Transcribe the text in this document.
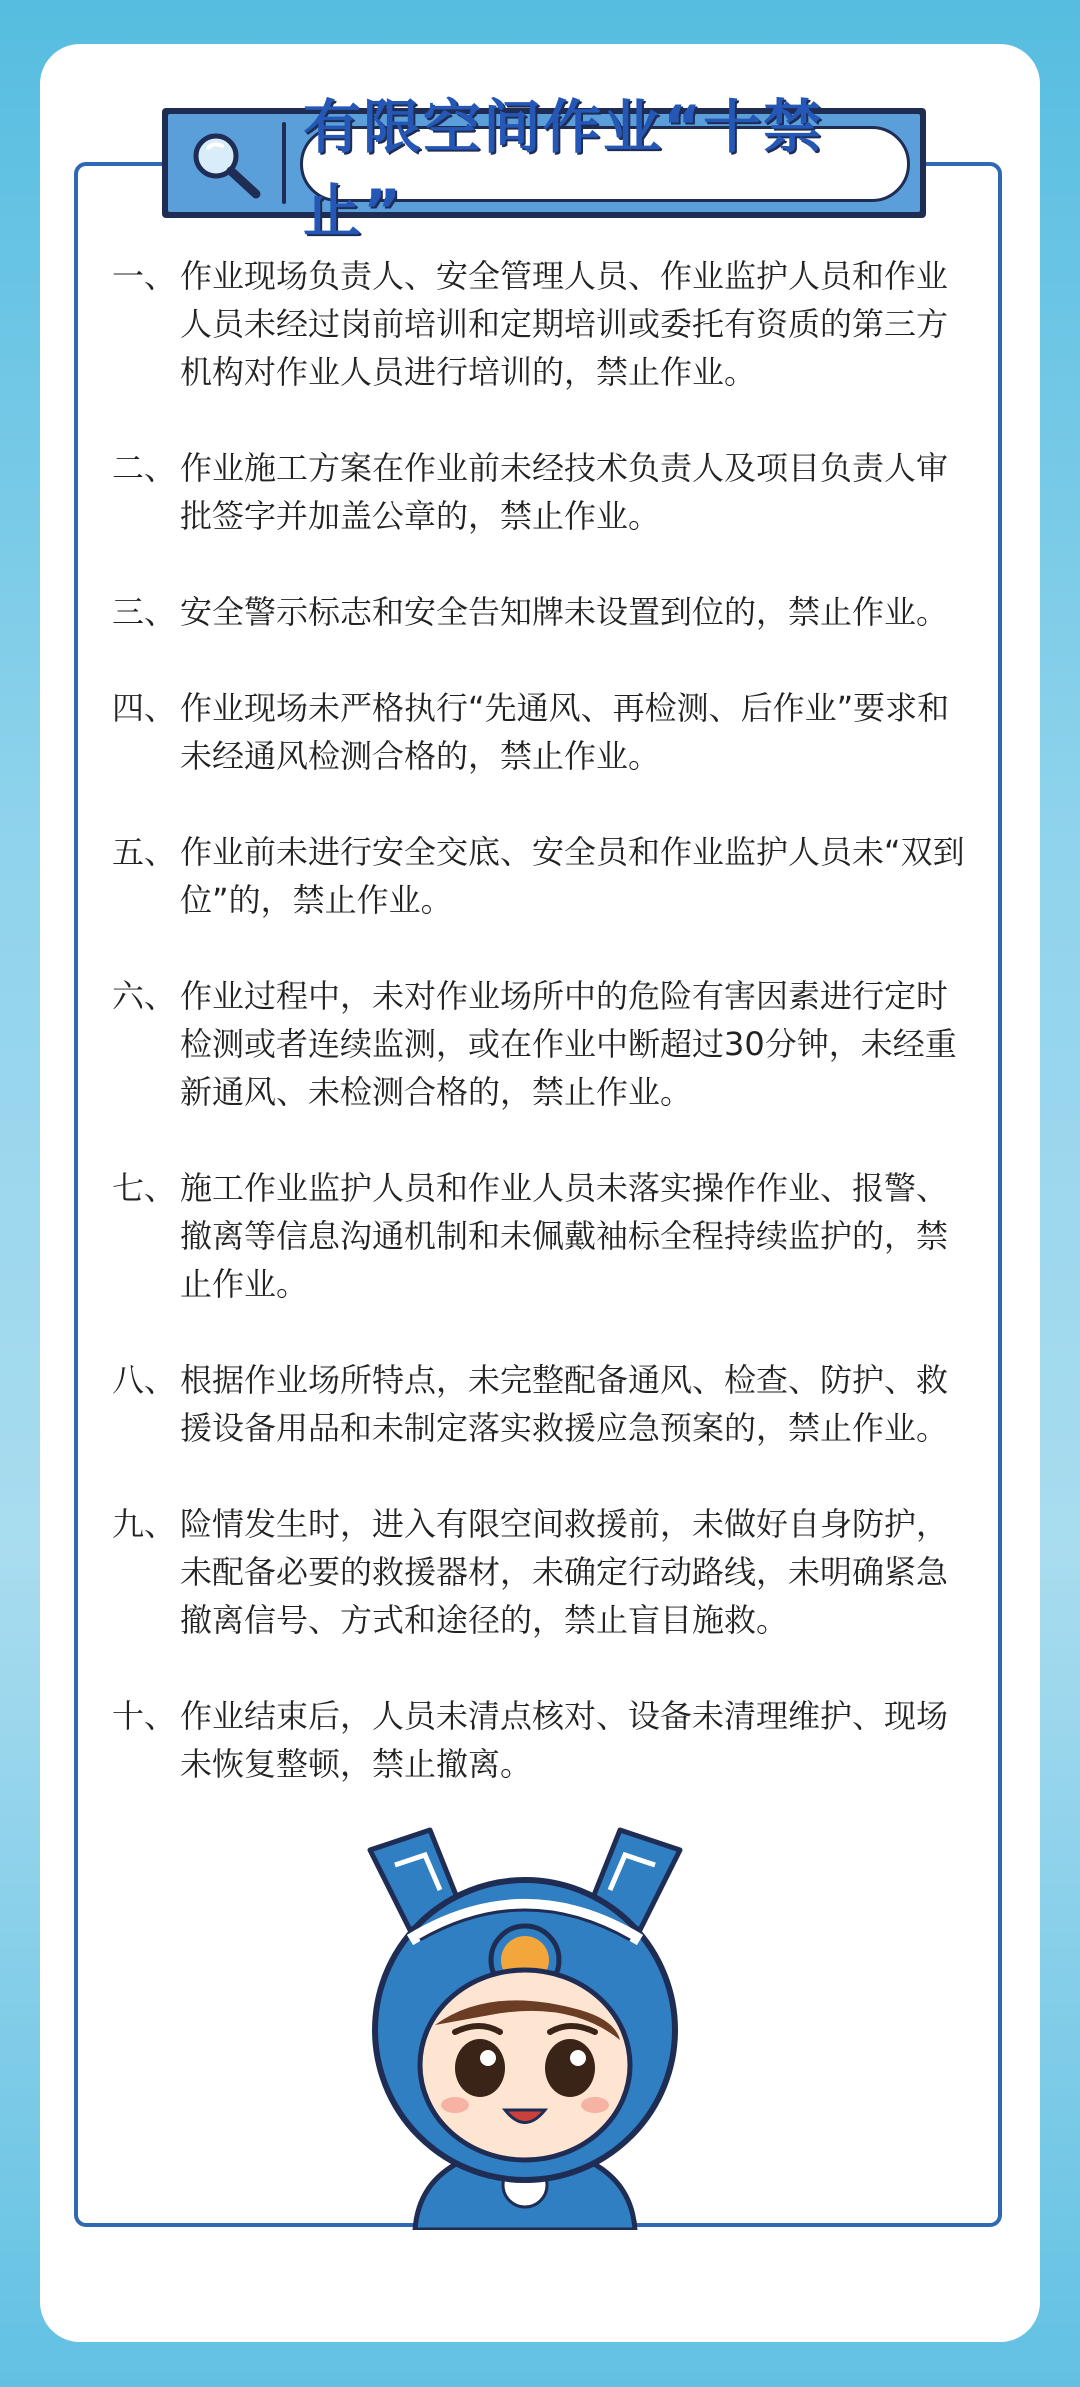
有限空间作业“十禁止”
一、 作业现场负责人、安全管理人员、作业监护人员和作业人员未经过岗前培训和定期培训或委托有资质的第三方机构对作业人员进行培训的，禁止作业。
二、 作业施工方案在作业前未经技术负责人及项目负责人审批签字并加盖公章的，禁止作业。
三、 安全警示标志和安全告知牌未设置到位的，禁止作业。
四、 作业现场未严格执行“先通风、再检测、后作业”要求和未经通风检测合格的，禁止作业。
五、 作业前未进行安全交底、安全员和作业监护人员未“双到位”的，禁止作业。
六、 作业过程中，未对作业场所中的危险有害因素进行定时检测或者连续监测，或在作业中断超过30分钟，未经重新通风、未检测合格的，禁止作业。
七、 施工作业监护人员和作业人员未落实操作作业、报警、撤离等信息沟通机制和未佩戴袖标全程持续监护的，禁止作业。
八、 根据作业场所特点，未完整配备通风、检查、防护、救援设备用品和未制定落实救援应急预案的，禁止作业。
九、 险情发生时，进入有限空间救援前，未做好自身防护，未配备必要的救援器材，未确定行动路线，未明确紧急撤离信号、方式和途径的，禁止盲目施救。
十、 作业结束后，人员未清点核对、设备未清理维护、现场未恢复整顿，禁止撤离。
